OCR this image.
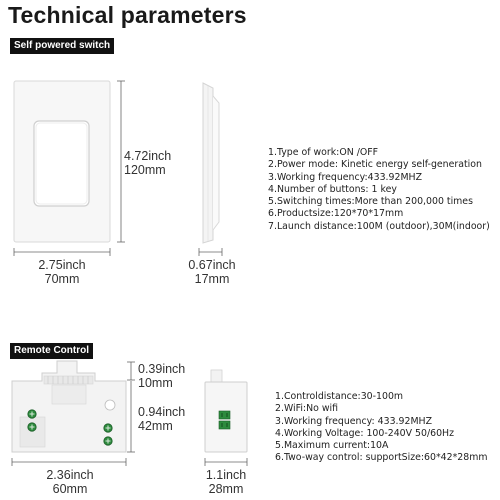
Technical parameters
Self powered switch
4.72inch
120mm
2.75inch
70mm
0.67inch
17mm
1.Type of work:ON /OFF
2.Power mode: Kinetic energy self-generation
3.Working frequency:433.92MHZ
4.Number of buttons: 1 key
5.Switching times:More than 200,000 times
6.Productsize:120*70*17mm
7.Launch distance:100M (outdoor),30M(indoor)
Remote Control
0.39inch
10mm
0.94inch
42mm
2.36inch
60mm
1.1inch
28mm
1.Controldistance:30-100m
2.WiFi:No wifi
3.Working frequency: 433.92MHZ
4.Working Voltage: 100-240V 50/60Hz
5.Maximum current:10A
6.Two-way control: supportSize:60*42*28mm
